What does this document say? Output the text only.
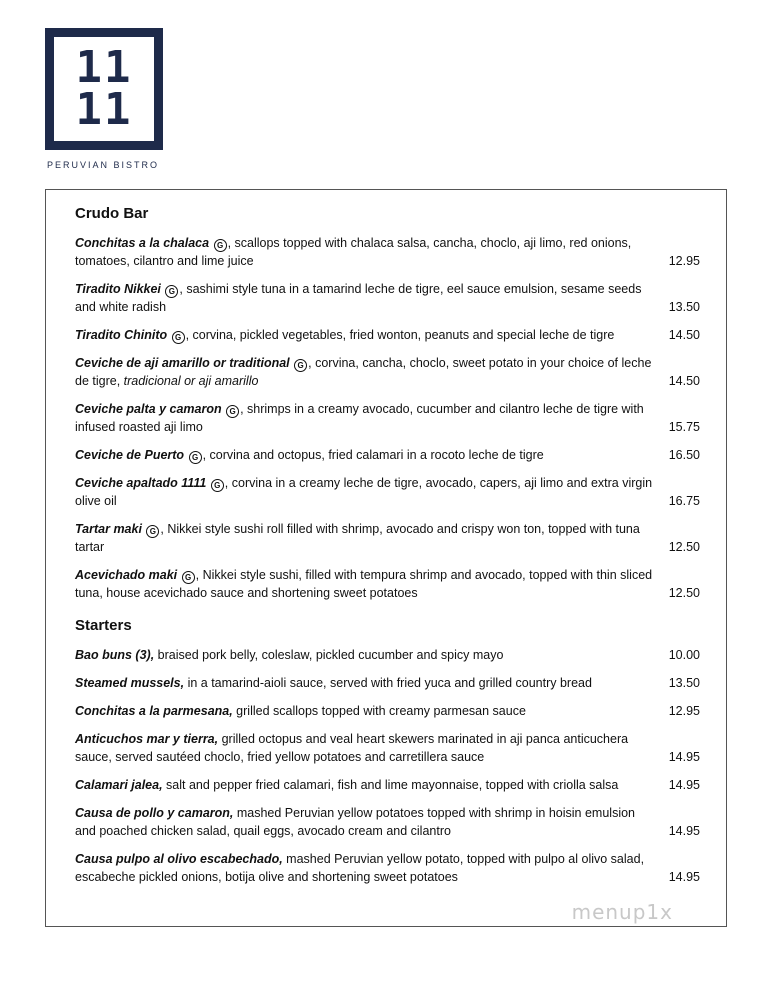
11
11
PERUVIAN BISTRO
Crudo Bar
Conchitas a la chalaca G , scallops topped with chalaca salsa, cancha, choclo, aji limo, red onions, tomatoes, cilantro and lime juice	12.95
Tiradito Nikkei G , sashimi style tuna in a tamarind leche de tigre, eel sauce emulsion, sesame seeds and white radish	13.50
Tiradito Chinito G , corvina, pickled vegetables, fried wonton, peanuts and special leche de tigre	14.50
Ceviche de aji amarillo or traditional G , corvina, cancha, choclo, sweet potato in your choice of leche de tigre, tradicional or aji amarillo	14.50
Ceviche palta y camaron G , shrimps in a creamy avocado, cucumber and cilantro leche de tigre with infused roasted aji limo	15.75
Ceviche de Puerto G , corvina and octopus, fried calamari in a rocoto leche de tigre	16.50
Ceviche apaltado 1111 G , corvina in a creamy leche de tigre, avocado, capers, aji limo and extra virgin olive oil	16.75
Tartar maki G , Nikkei style sushi roll filled with shrimp, avocado and crispy won ton, topped with tuna tartar	12.50
Acevichado maki G , Nikkei style sushi, filled with tempura shrimp and avocado, topped with thin sliced tuna, house acevichado sauce and shortening sweet potatoes	12.50
Starters
Bao buns (3), braised pork belly, coleslaw, pickled cucumber and spicy mayo	10.00
Steamed mussels, in a tamarind-aioli sauce, served with fried yuca and grilled country bread	13.50
Conchitas a la parmesana, grilled scallops topped with creamy parmesan sauce	12.95
Anticuchos mar y tierra, grilled octopus and veal heart skewers marinated in aji panca anticuchera sauce, served sautéed choclo, fried yellow potatoes and carretillera sauce	14.95
Calamari jalea, salt and pepper fried calamari, fish and lime mayonnaise, topped with criolla salsa	14.95
Causa de pollo y camaron, mashed Peruvian yellow potatoes topped with shrimp in hoisin emulsion and poached chicken salad, quail eggs, avocado cream and cilantro	14.95
Causa pulpo al olivo escabechado, mashed Peruvian yellow potato, topped with pulpo al olivo salad, escabeche pickled onions, botija olive and shortening sweet potatoes	14.95
menup1x
